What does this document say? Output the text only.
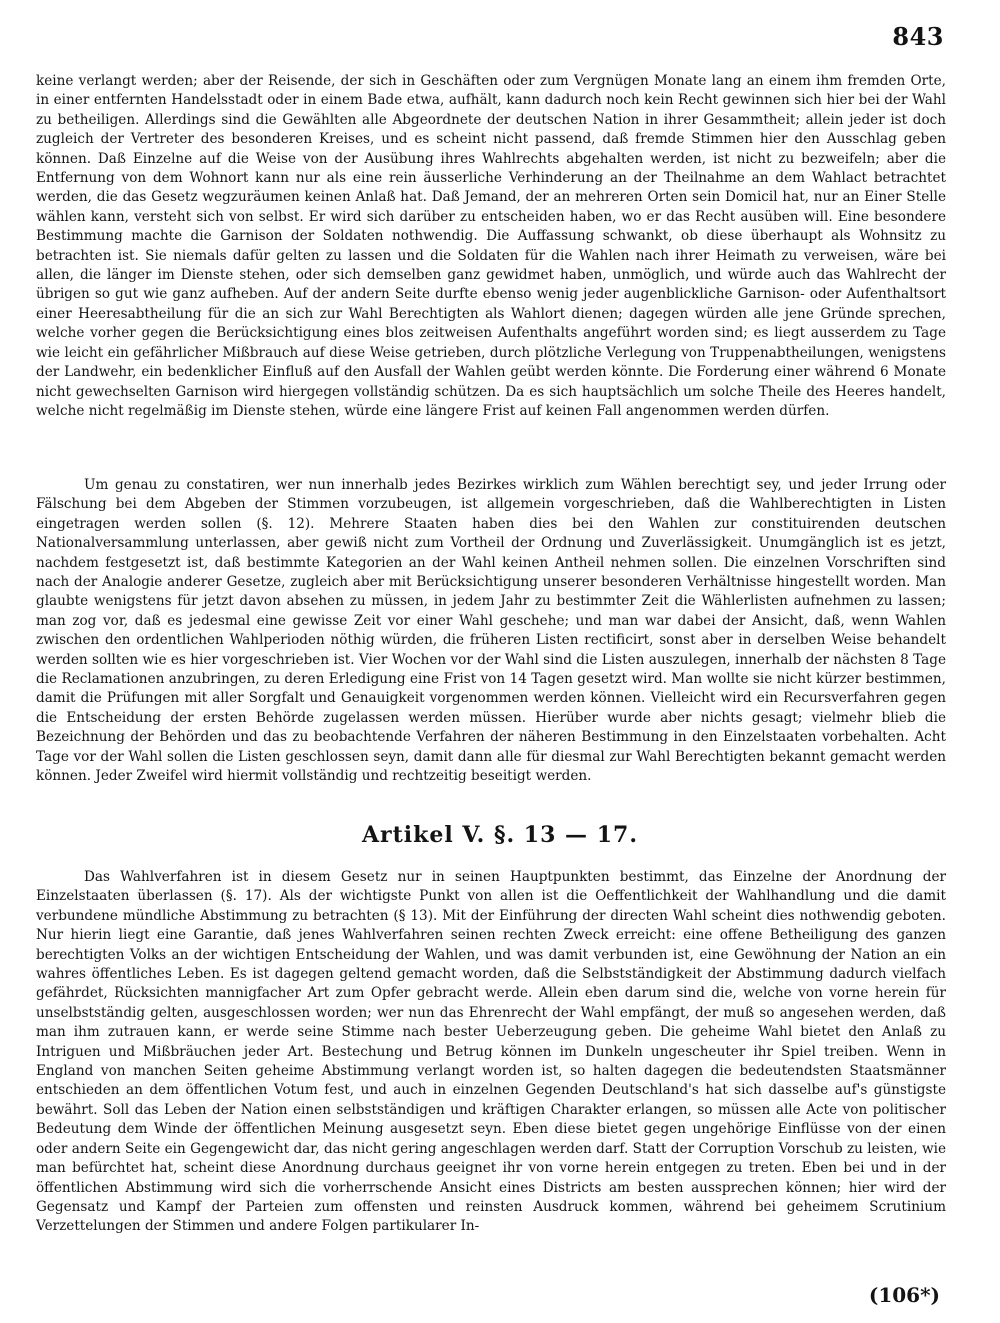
843

keine verlangt werden; aber der Reisende, der sich in Geschäften oder zum Vergnügen Monate lang an einem ihm fremden Orte, in einer entfernten Handelsstadt oder in einem Bade etwa, aufhält, kann dadurch noch kein Recht gewinnen sich hier bei der Wahl zu betheiligen. Allerdings sind die Gewählten alle Abgeordnete der deutschen Nation in ihrer Gesammtheit; allein jeder ist doch zugleich der Vertreter des besonderen Kreises, und es scheint nicht passend, daß fremde Stimmen hier den Ausschlag geben können. Daß Einzelne auf die Weise von der Ausübung ihres Wahlrechts abgehalten werden, ist nicht zu bezweifeln; aber die Entfernung von dem Wohnort kann nur als eine rein äusserliche Verhinderung an der Theilnahme an dem Wahlact betrachtet werden, die das Gesetz wegzuräumen keinen Anlaß hat. Daß Jemand, der an mehreren Orten sein Domicil hat, nur an Einer Stelle wählen kann, versteht sich von selbst. Er wird sich darüber zu entscheiden haben, wo er das Recht ausüben will. Eine besondere Bestimmung machte die Garnison der Soldaten nothwendig. Die Auffassung schwankt, ob diese überhaupt als Wohnsitz zu betrachten ist. Sie niemals dafür gelten zu lassen und die Soldaten für die Wahlen nach ihrer Heimath zu verweisen, wäre bei allen, die länger im Dienste stehen, oder sich demselben ganz gewidmet haben, unmöglich, und würde auch das Wahlrecht der übrigen so gut wie ganz aufheben. Auf der andern Seite durfte ebenso wenig jeder augenblickliche Garnison- oder Aufenthaltsort einer Heeresabtheilung für die an sich zur Wahl Berechtigten als Wahlort dienen; dagegen würden alle jene Gründe sprechen, welche vorher gegen die Berücksichtigung eines blos zeitweisen Aufenthalts angeführt worden sind; es liegt ausserdem zu Tage wie leicht ein gefährlicher Mißbrauch auf diese Weise getrieben, durch plötzliche Verlegung von Truppenabtheilungen, wenigstens der Landwehr, ein bedenklicher Einfluß auf den Ausfall der Wahlen geübt werden könnte. Die Forderung einer während 6 Monate nicht gewechselten Garnison wird hiergegen vollständig schützen. Da es sich hauptsächlich um solche Theile des Heeres handelt, welche nicht regelmäßig im Dienste stehen, würde eine längere Frist auf keinen Fall angenommen werden dürfen.

Um genau zu constatiren, wer nun innerhalb jedes Bezirkes wirklich zum Wählen berechtigt sey, und jeder Irrung oder Fälschung bei dem Abgeben der Stimmen vorzubeugen, ist allgemein vorgeschrieben, daß die Wahlberechtigten in Listen eingetragen werden sollen (§. 12). Mehrere Staaten haben dies bei den Wahlen zur constituirenden deutschen Nationalversammlung unterlassen, aber gewiß nicht zum Vortheil der Ordnung und Zuverlässigkeit. Unumgänglich ist es jetzt, nachdem festgesetzt ist, daß bestimmte Kategorien an der Wahl keinen Antheil nehmen sollen. Die einzelnen Vorschriften sind nach der Analogie anderer Gesetze, zugleich aber mit Berücksichtigung unserer besonderen Verhältnisse hingestellt worden. Man glaubte wenigstens für jetzt davon absehen zu müssen, in jedem Jahr zu bestimmter Zeit die Wählerlisten aufnehmen zu lassen; man zog vor, daß es jedesmal eine gewisse Zeit vor einer Wahl geschehe; und man war dabei der Ansicht, daß, wenn Wahlen zwischen den ordentlichen Wahlperioden nöthig würden, die früheren Listen rectificirt, sonst aber in derselben Weise behandelt werden sollten wie es hier vorgeschrieben ist. Vier Wochen vor der Wahl sind die Listen auszulegen, innerhalb der nächsten 8 Tage die Reclamationen anzubringen, zu deren Erledigung eine Frist von 14 Tagen gesetzt wird. Man wollte sie nicht kürzer bestimmen, damit die Prüfungen mit aller Sorgfalt und Genauigkeit vorgenommen werden können. Vielleicht wird ein Recursverfahren gegen die Entscheidung der ersten Behörde zugelassen werden müssen. Hierüber wurde aber nichts gesagt; vielmehr blieb die Bezeichnung der Behörden und das zu beobachtende Verfahren der näheren Bestimmung in den Einzelstaaten vorbehalten. Acht Tage vor der Wahl sollen die Listen geschlossen seyn, damit dann alle für diesmal zur Wahl Berechtigten bekannt gemacht werden können. Jeder Zweifel wird hiermit vollständig und rechtzeitig beseitigt werden.

Artikel V. §. 13 — 17.

Das Wahlverfahren ist in diesem Gesetz nur in seinen Hauptpunkten bestimmt, das Einzelne der Anordnung der Einzelstaaten überlassen (§. 17). Als der wichtigste Punkt von allen ist die Oeffentlichkeit der Wahlhandlung und die damit verbundene mündliche Abstimmung zu betrachten (§ 13). Mit der Einführung der directen Wahl scheint dies nothwendig geboten. Nur hierin liegt eine Garantie, daß jenes Wahlverfahren seinen rechten Zweck erreicht: eine offene Betheiligung des ganzen berechtigten Volks an der wichtigen Entscheidung der Wahlen, und was damit verbunden ist, eine Gewöhnung der Nation an ein wahres öffentliches Leben. Es ist dagegen geltend gemacht worden, daß die Selbstständigkeit der Abstimmung dadurch vielfach gefährdet, Rücksichten mannigfacher Art zum Opfer gebracht werde. Allein eben darum sind die, welche von vorne herein für unselbstständig gelten, ausgeschlossen worden; wer nun das Ehrenrecht der Wahl empfängt, der muß so angesehen werden, daß man ihm zutrauen kann, er werde seine Stimme nach bester Ueberzeugung geben. Die geheime Wahl bietet den Anlaß zu Intriguen und Mißbräuchen jeder Art. Bestechung und Betrug können im Dunkeln ungescheuter ihr Spiel treiben. Wenn in England von manchen Seiten geheime Abstimmung verlangt worden ist, so halten dagegen die bedeutendsten Staatsmänner entschieden an dem öffentlichen Votum fest, und auch in einzelnen Gegenden Deutschland's hat sich dasselbe auf's günstigste bewährt. Soll das Leben der Nation einen selbstständigen und kräftigen Charakter erlangen, so müssen alle Acte von politischer Bedeutung dem Winde der öffentlichen Meinung ausgesetzt seyn. Eben diese bietet gegen ungehörige Einflüsse von der einen oder andern Seite ein Gegengewicht dar, das nicht gering angeschlagen werden darf. Statt der Corruption Vorschub zu leisten, wie man befürchtet hat, scheint diese Anordnung durchaus geeignet ihr von vorne herein entgegen zu treten. Eben bei und in der öffentlichen Abstimmung wird sich die vorherrschende Ansicht eines Districts am besten aussprechen können; hier wird der Gegensatz und Kampf der Parteien zum offensten und reinsten Ausdruck kommen, während bei geheimem Scrutinium Verzettelungen der Stimmen und andere Folgen partikularer In-

(106*)
